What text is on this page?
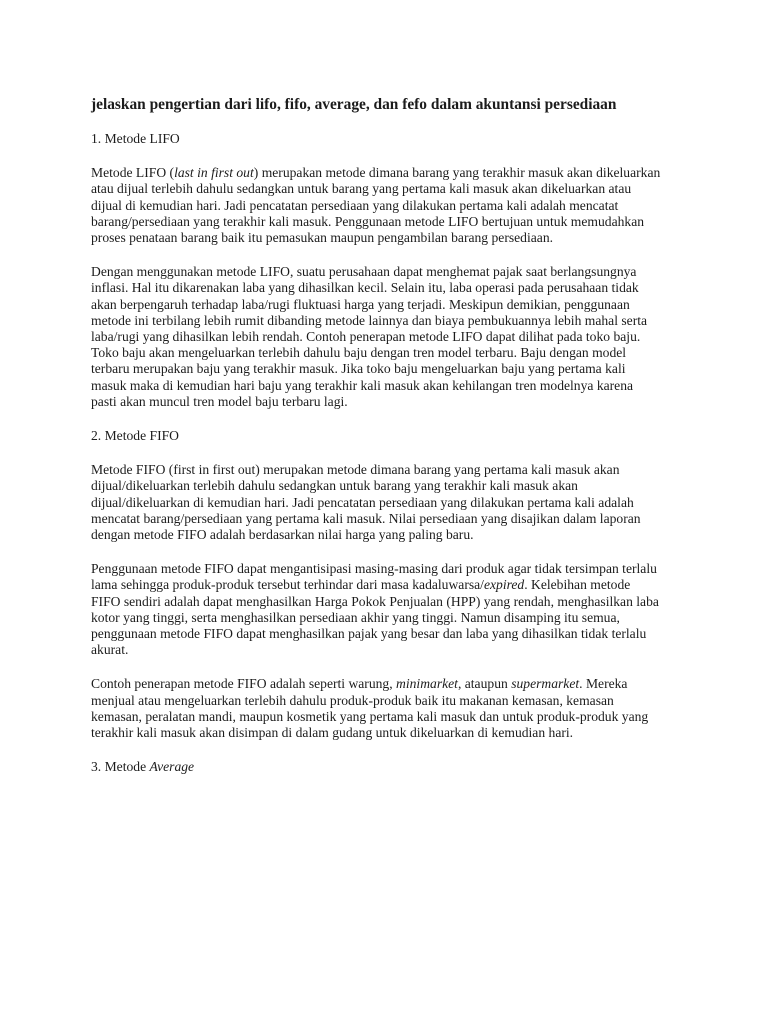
jelaskan pengertian dari lifo, fifo, average, dan fefo dalam akuntansi persediaan
1. Metode LIFO
Metode LIFO (last in first out) merupakan metode dimana barang yang terakhir masuk akan dikeluarkan atau dijual terlebih dahulu sedangkan untuk barang yang pertama kali masuk akan dikeluarkan atau dijual di kemudian hari. Jadi pencatatan persediaan yang dilakukan pertama kali adalah mencatat barang/persediaan yang terakhir kali masuk. Penggunaan metode LIFO bertujuan untuk memudahkan proses penataan barang baik itu pemasukan maupun pengambilan barang persediaan.
Dengan menggunakan metode LIFO, suatu perusahaan dapat menghemat pajak saat berlangsungnya inflasi. Hal itu dikarenakan laba yang dihasilkan kecil. Selain itu, laba operasi pada perusahaan tidak akan berpengaruh terhadap laba/rugi fluktuasi harga yang terjadi. Meskipun demikian, penggunaan metode ini terbilang lebih rumit dibanding metode lainnya dan biaya pembukuannya lebih mahal serta laba/rugi yang dihasilkan lebih rendah. Contoh penerapan metode LIFO dapat dilihat pada toko baju. Toko baju akan mengeluarkan terlebih dahulu baju dengan tren model terbaru. Baju dengan model terbaru merupakan baju yang terakhir masuk. Jika toko baju mengeluarkan baju yang pertama kali masuk maka di kemudian hari baju yang terakhir kali masuk akan kehilangan tren modelnya karena pasti akan muncul tren model baju terbaru lagi.
2. Metode FIFO
Metode FIFO (first in first out) merupakan metode dimana barang yang pertama kali masuk akan dijual/dikeluarkan terlebih dahulu sedangkan untuk barang yang terakhir kali masuk akan dijual/dikeluarkan di kemudian hari. Jadi pencatatan persediaan yang dilakukan pertama kali adalah mencatat barang/persediaan yang pertama kali masuk. Nilai persediaan yang disajikan dalam laporan dengan metode FIFO adalah berdasarkan nilai harga yang paling baru.
Penggunaan metode FIFO dapat mengantisipasi masing-masing dari produk agar tidak tersimpan terlalu lama sehingga produk-produk tersebut terhindar dari masa kadaluwarsa/expired. Kelebihan metode FIFO sendiri adalah dapat menghasilkan Harga Pokok Penjualan (HPP) yang rendah, menghasilkan laba kotor yang tinggi, serta menghasilkan persediaan akhir yang tinggi. Namun disamping itu semua, penggunaan metode FIFO dapat menghasilkan pajak yang besar dan laba yang dihasilkan tidak terlalu akurat.
Contoh penerapan metode FIFO adalah seperti warung, minimarket, ataupun supermarket. Mereka menjual atau mengeluarkan terlebih dahulu produk-produk baik itu makanan kemasan, kemasan kemasan, peralatan mandi, maupun kosmetik yang pertama kali masuk dan untuk produk-produk yang terakhir kali masuk akan disimpan di dalam gudang untuk dikeluarkan di kemudian hari.
3. Metode Average
